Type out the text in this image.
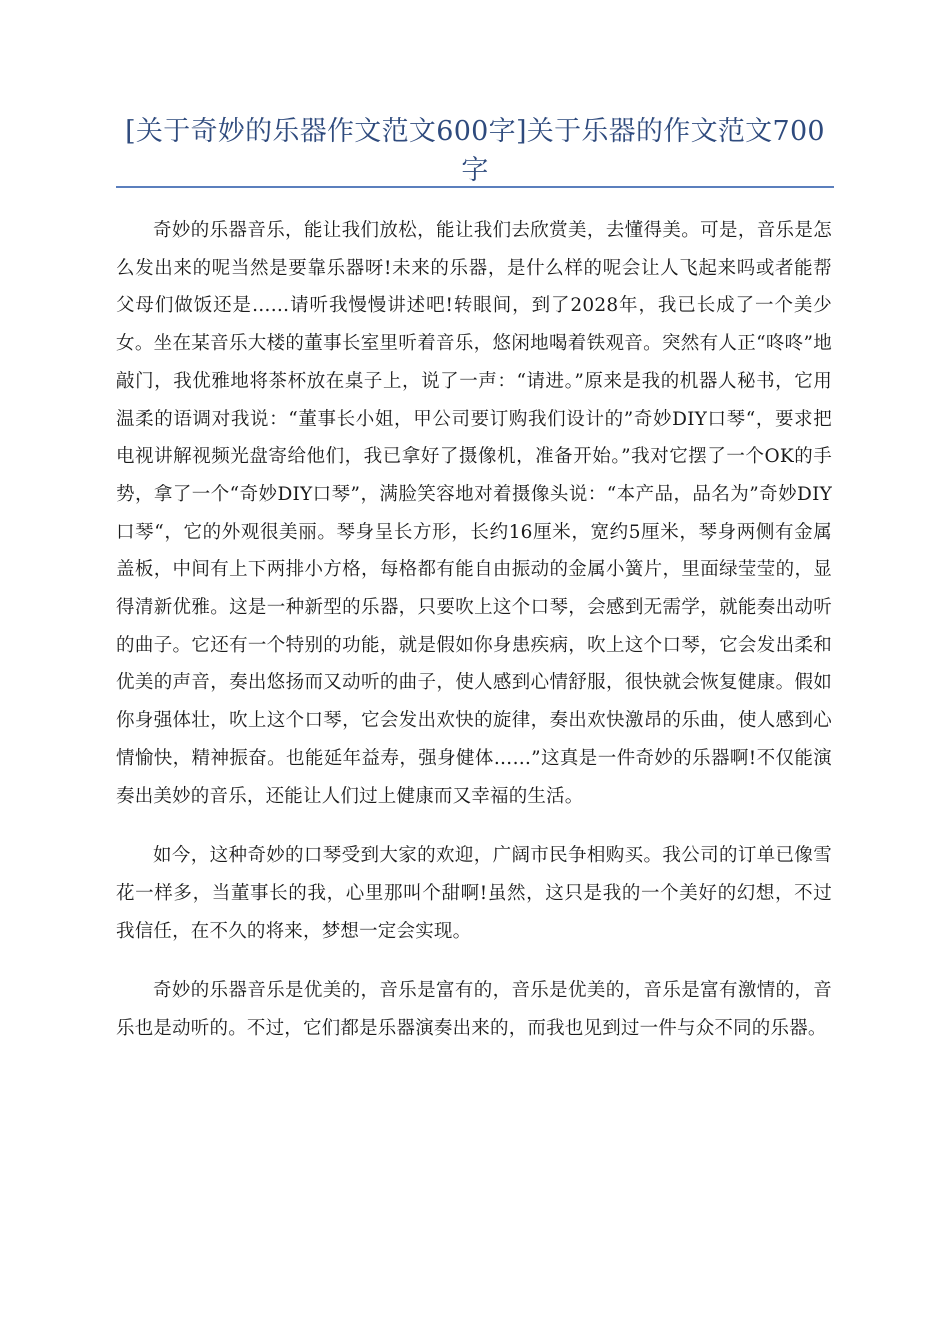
[关于奇妙的乐器作文范文600字]关于乐器的作文范文700字

奇妙的乐器音乐，能让我们放松，能让我们去欣赏美，去懂得美。可是，音乐是怎么发出来的呢当然是要靠乐器呀!未来的乐器，是什么样的呢会让人飞起来吗或者能帮父母们做饭还是……请听我慢慢讲述吧!转眼间，到了2028年，我已长成了一个美少女。坐在某音乐大楼的董事长室里听着音乐，悠闲地喝着铁观音。突然有人正“咚咚”地敲门，我优雅地将茶杯放在桌子上，说了一声：“请进。”原来是我的机器人秘书，它用温柔的语调对我说：“董事长小姐，甲公司要订购我们设计的”奇妙DIY口琴“，要求把电视讲解视频光盘寄给他们，我已拿好了摄像机，准备开始。”我对它摆了一个OK的手势，拿了一个“奇妙DIY口琴”，满脸笑容地对着摄像头说：“本产品，品名为”奇妙DIY口琴“，它的外观很美丽。琴身呈长方形，长约16厘米，宽约5厘米，琴身两侧有金属盖板，中间有上下两排小方格，每格都有能自由振动的金属小簧片，里面绿莹莹的，显得清新优雅。这是一种新型的乐器，只要吹上这个口琴，会感到无需学，就能奏出动听的曲子。它还有一个特别的功能，就是假如你身患疾病，吹上这个口琴，它会发出柔和优美的声音，奏出悠扬而又动听的曲子，使人感到心情舒服，很快就会恢复健康。假如你身强体壮，吹上这个口琴，它会发出欢快的旋律，奏出欢快激昂的乐曲，使人感到心情愉快，精神振奋。也能延年益寿，强身健体……”这真是一件奇妙的乐器啊!不仅能演奏出美妙的音乐，还能让人们过上健康而又幸福的生活。

如今，这种奇妙的口琴受到大家的欢迎，广阔市民争相购买。我公司的订单已像雪花一样多，当董事长的我，心里那叫个甜啊!虽然，这只是我的一个美好的幻想，不过我信任，在不久的将来，梦想一定会实现。

奇妙的乐器音乐是优美的，音乐是富有的，音乐是优美的，音乐是富有激情的，音乐也是动听的。不过，它们都是乐器演奏出来的，而我也见到过一件与众不同的乐器。
